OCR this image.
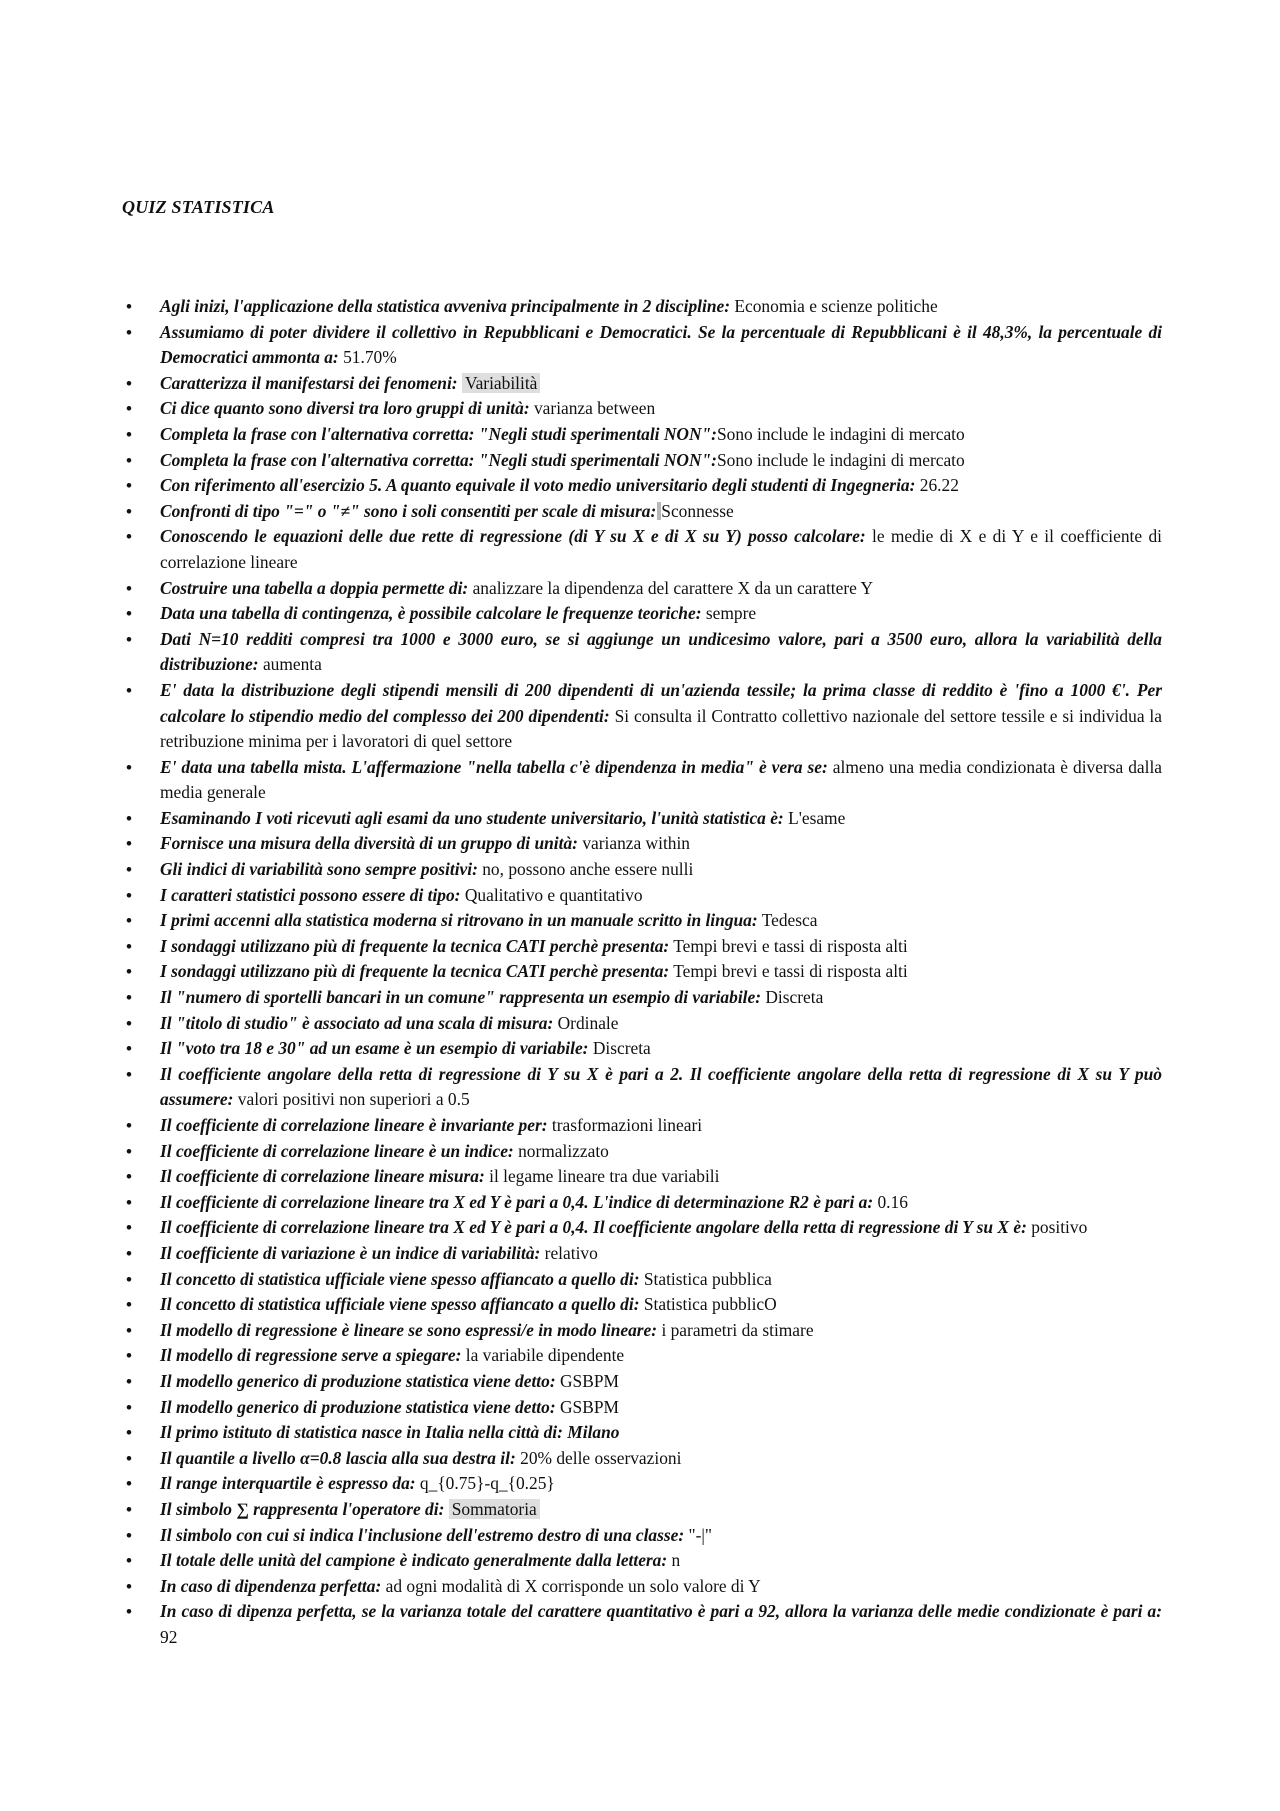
QUIZ STATISTICA
• Agli inizi, l'applicazione della statistica avveniva principalmente in 2 discipline: Economia e scienze politiche
• Assumiamo di poter dividere il collettivo in Repubblicani e Democratici. Se la percentuale di Repubblicani è il 48,3%, la percentuale di Democratici ammonta a: 51.70%
• Caratterizza il manifestarsi dei fenomeni: Variabilità
• Ci dice quanto sono diversi tra loro gruppi di unità: varianza between
• Completa la frase con l'alternativa corretta: "Negli studi sperimentali NON":Sono include le indagini di mercato
• Completa la frase con l'alternativa corretta: "Negli studi sperimentali NON":Sono include le indagini di mercato
• Con riferimento all'esercizio 5. A quanto equivale il voto medio universitario degli studenti di Ingegneria: 26.22
• Confronti di tipo "=" o "≠" sono i soli consentiti per scale di misura: Sconnesse
• Conoscendo le equazioni delle due rette di regressione (di Y su X e di X su Y) posso calcolare: le medie di X e di Y e il coefficiente di correlazione lineare
• Costruire una tabella a doppia permette di: analizzare la dipendenza del carattere X da un carattere Y
• Data una tabella di contingenza, è possibile calcolare le frequenze teoriche: sempre
• Dati N=10 redditi compresi tra 1000 e 3000 euro, se si aggiunge un undicesimo valore, pari a 3500 euro, allora la variabilità della distribuzione: aumenta
• E' data la distribuzione degli stipendi mensili di 200 dipendenti di un'azienda tessile; la prima classe di reddito è 'fino a 1000 €'. Per calcolare lo stipendio medio del complesso dei 200 dipendenti: Si consulta il Contratto collettivo nazionale del settore tessile e si individua la retribuzione minima per i lavoratori di quel settore
• E' data una tabella mista. L'affermazione "nella tabella c'è dipendenza in media" è vera se: almeno una media condizionata è diversa dalla media generale
• Esaminando I voti ricevuti agli esami da uno studente universitario, l'unità statistica è: L'esame
• Fornisce una misura della diversità di un gruppo di unità: varianza within
• Gli indici di variabilità sono sempre positivi: no, possono anche essere nulli
• I caratteri statistici possono essere di tipo: Qualitativo e quantitativo
• I primi accenni alla statistica moderna si ritrovano in un manuale scritto in lingua: Tedesca
• I sondaggi utilizzano più di frequente la tecnica CATI perchè presenta: Tempi brevi e tassi di risposta alti
• I sondaggi utilizzano più di frequente la tecnica CATI perchè presenta: Tempi brevi e tassi di risposta alti
• Il "numero di sportelli bancari in un comune" rappresenta un esempio di variabile: Discreta
• Il "titolo di studio" è associato ad una scala di misura: Ordinale
• Il "voto tra 18 e 30" ad un esame è un esempio di variabile: Discreta
• Il coefficiente angolare della retta di regressione di Y su X è pari a 2. Il coefficiente angolare della retta di regressione di X su Y può assumere: valori positivi non superiori a 0.5
• Il coefficiente di correlazione lineare è invariante per: trasformazioni lineari
• Il coefficiente di correlazione lineare è un indice: normalizzato
• Il coefficiente di correlazione lineare misura: il legame lineare tra due variabili
• Il coefficiente di correlazione lineare tra X ed Y è pari a 0,4. L'indice di determinazione R2 è pari a: 0.16
• Il coefficiente di correlazione lineare tra X ed Y è pari a 0,4. Il coefficiente angolare della retta di regressione di Y su X è: positivo
• Il coefficiente di variazione è un indice di variabilità: relativo
• Il concetto di statistica ufficiale viene spesso affiancato a quello di: Statistica pubblica
• Il concetto di statistica ufficiale viene spesso affiancato a quello di: Statistica pubblicO
• Il modello di regressione è lineare se sono espressi/e in modo lineare: i parametri da stimare
• Il modello di regressione serve a spiegare: la variabile dipendente
• Il modello generico di produzione statistica viene detto: GSBPM
• Il modello generico di produzione statistica viene detto: GSBPM
• Il primo istituto di statistica nasce in Italia nella città di: Milano
• Il quantile a livello α=0.8 lascia alla sua destra il: 20% delle osservazioni
• Il range interquartile è espresso da: q_{0.75}-q_{0.25}
• Il simbolo ∑ rappresenta l'operatore di: Sommatoria
• Il simbolo con cui si indica l'inclusione dell'estremo destro di una classe: "-|"
• Il totale delle unità del campione è indicato generalmente dalla lettera: n
• In caso di dipendenza perfetta: ad ogni modalità di X corrisponde un solo valore di Y
• In caso di dipenza perfetta, se la varianza totale del carattere quantitativo è pari a 92, allora la varianza delle medie condizionate è pari a: 92
